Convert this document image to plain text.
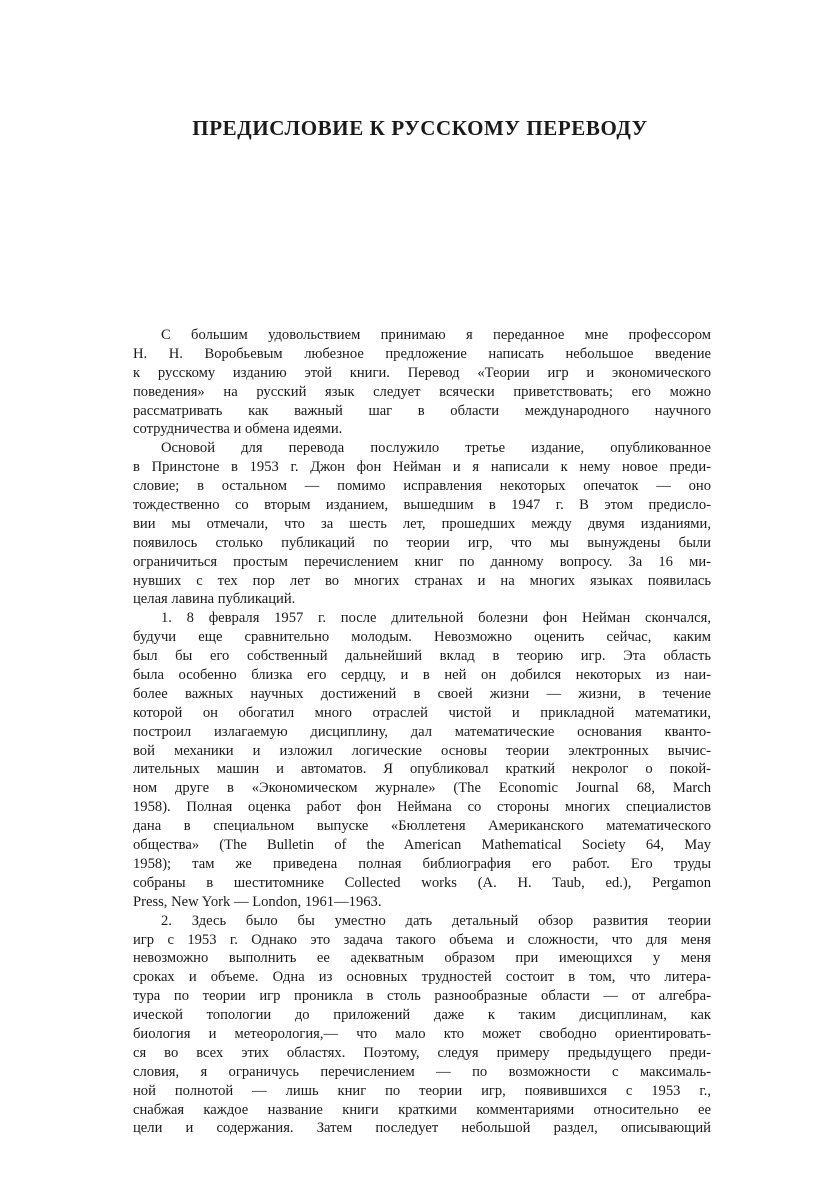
ПРЕДИСЛОВИЕ К РУССКОМУ ПЕРЕВОДУ
С большим удовольствием принимаю я переданное мне профессором
Н. Н. Воробьевым любезное предложение написать небольшое введение
к русскому изданию этой книги. Перевод «Теории игр и экономического
поведения» на русский язык следует всячески приветствовать; его можно
рассматривать как важный шаг в области международного научного
сотрудничества и обмена идеями.
Основой для перевода послужило третье издание, опубликованное
в Принстоне в 1953 г. Джон фон Нейман и я написали к нему новое преди-
словие; в остальном — помимо исправления некоторых опечаток — оно
тождественно со вторым изданием, вышедшим в 1947 г. В этом предисло-
вии мы отмечали, что за шесть лет, прошедших между двумя изданиями,
появилось столько публикаций по теории игр, что мы вынуждены были
ограничиться простым перечислением книг по данному вопросу. За 16 ми-
нувших с тех пор лет во многих странах и на многих языках появилась
целая лавина публикаций.
1. 8 февраля 1957 г. после длительной болезни фон Нейман скончался,
будучи еще сравнительно молодым. Невозможно оценить сейчас, каким
был бы его собственный дальнейший вклад в теорию игр. Эта область
была особенно близка его сердцу, и в ней он добился некоторых из наи-
более важных научных достижений в своей жизни — жизни, в течение
которой он обогатил много отраслей чистой и прикладной математики,
построил излагаемую дисциплину, дал математические основания кванто-
вой механики и изложил логические основы теории электронных вычис-
лительных машин и автоматов. Я опубликовал краткий некролог о покой-
ном друге в «Экономическом журнале» (The Economic Journal 68, March
1958). Полная оценка работ фон Неймана со стороны многих специалистов
дана в специальном выпуске «Бюллетеня Американского математического
общества» (The Bulletin of the American Mathematical Society 64, May
1958); там же приведена полная библиография его работ. Его труды
собраны в шеститомнике Collected works (A. H. Taub, ed.), Pergamon
Press, New York — London, 1961—1963.
2. Здесь было бы уместно дать детальный обзор развития теории
игр с 1953 г. Однако это задача такого объема и сложности, что для меня
невозможно выполнить ее адекватным образом при имеющихся у меня
сроках и объеме. Одна из основных трудностей состоит в том, что литера-
тура по теории игр проникла в столь разнообразные области — от алгебра-
ической топологии до приложений даже к таким дисциплинам, как
биология и метеорология,— что мало кто может свободно ориентировать-
ся во всех этих областях. Поэтому, следуя примеру предыдущего преди-
словия, я ограничусь перечислением — по возможности с максималь-
ной полнотой — лишь книг по теории игр, появившихся с 1953 г.,
снабжая каждое название книги краткими комментариями относительно ее
цели и содержания. Затем последует небольшой раздел, описывающий
